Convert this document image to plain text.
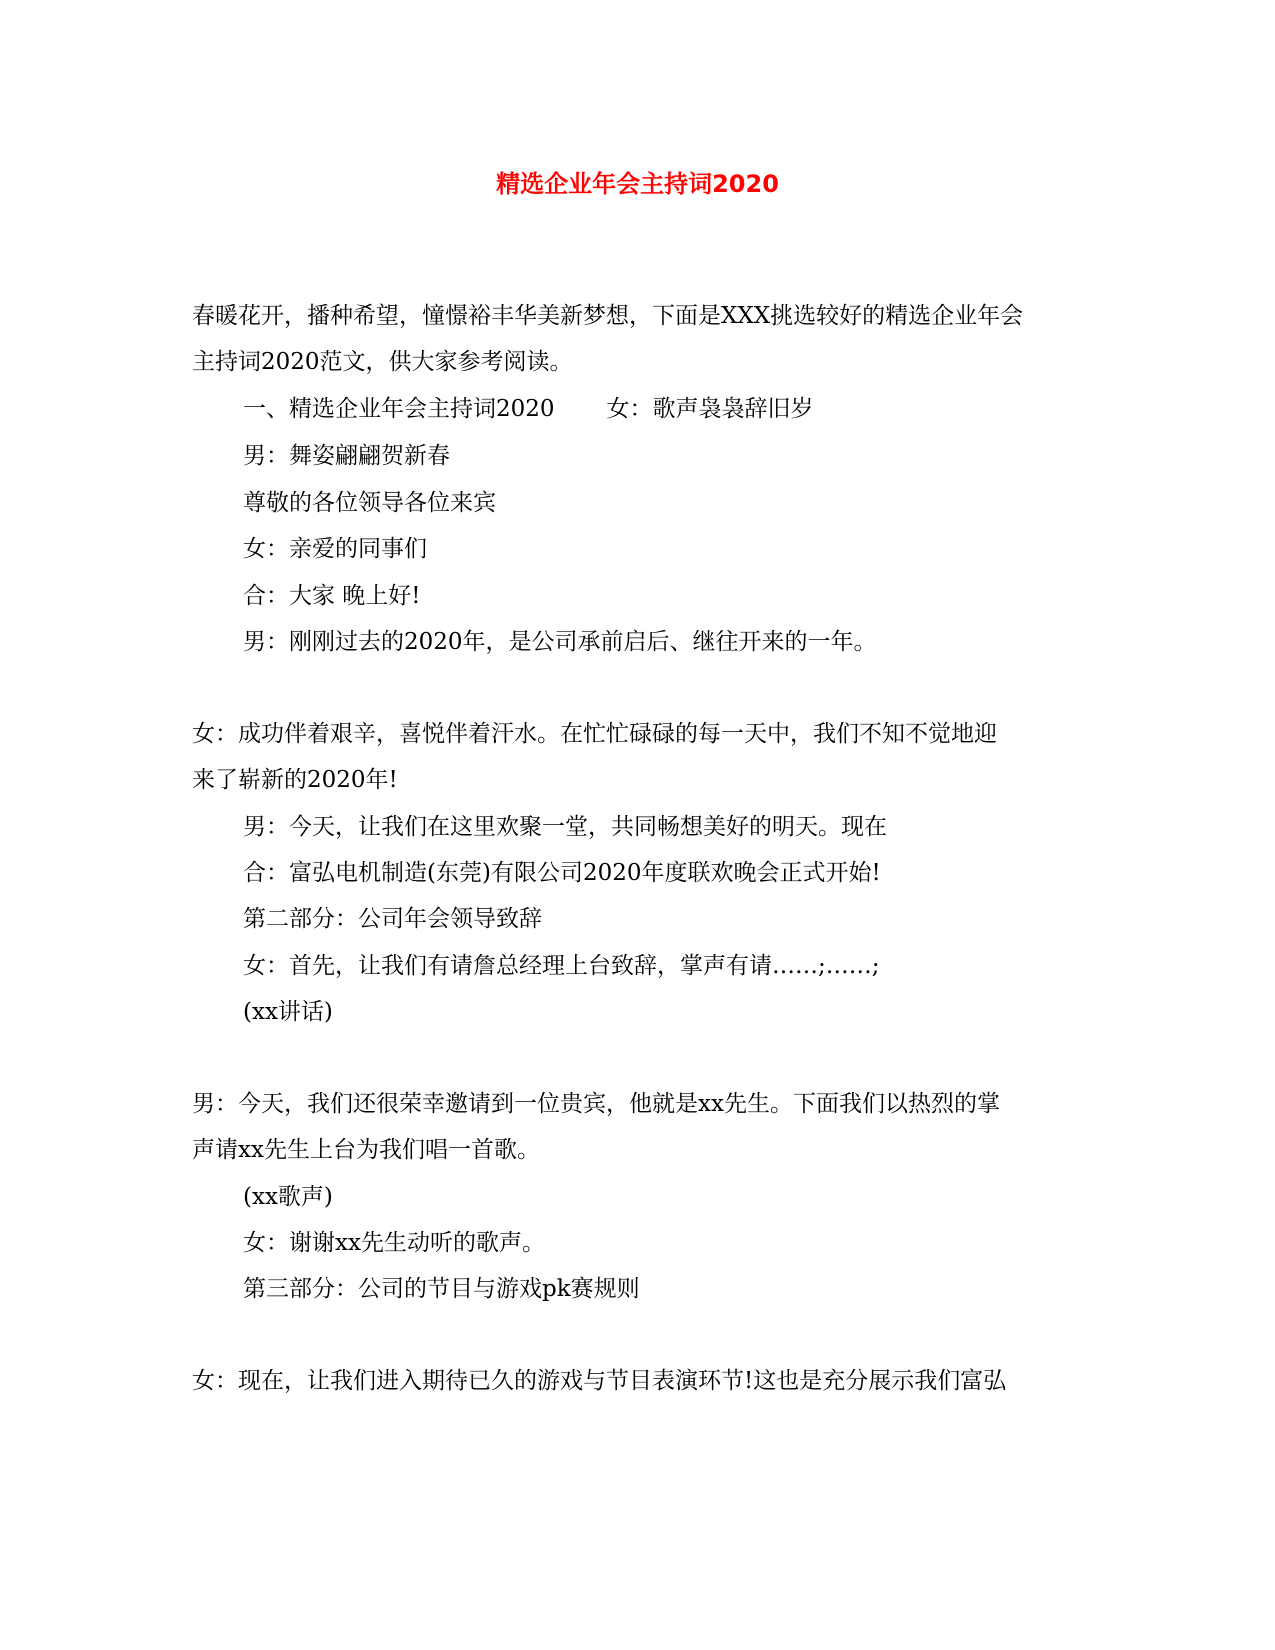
精选企业年会主持词2020
春暖花开，播种希望，憧憬裕丰华美新梦想，下面是XXX挑选较好的精选企业年会
主持词2020范文，供大家参考阅读。
一、精选企业年会主持词2020 女：歌声袅袅辞旧岁
男：舞姿翩翩贺新春
尊敬的各位领导各位来宾
女：亲爱的同事们
合：大家 晚上好!
男：刚刚过去的2020年，是公司承前启后、继往开来的一年。
女：成功伴着艰辛，喜悦伴着汗水。在忙忙碌碌的每一天中，我们不知不觉地迎
来了崭新的2020年!
男：今天，让我们在这里欢聚一堂，共同畅想美好的明天。现在
合：富弘电机制造(东莞)有限公司2020年度联欢晚会正式开始!
第二部分：公司年会领导致辞
女：首先，让我们有请詹总经理上台致辞，掌声有请……;……;
(xx讲话)
男：今天，我们还很荣幸邀请到一位贵宾，他就是xx先生。下面我们以热烈的掌
声请xx先生上台为我们唱一首歌。
(xx歌声)
女：谢谢xx先生动听的歌声。
第三部分：公司的节目与游戏pk赛规则
女：现在，让我们进入期待已久的游戏与节目表演环节!这也是充分展示我们富弘
